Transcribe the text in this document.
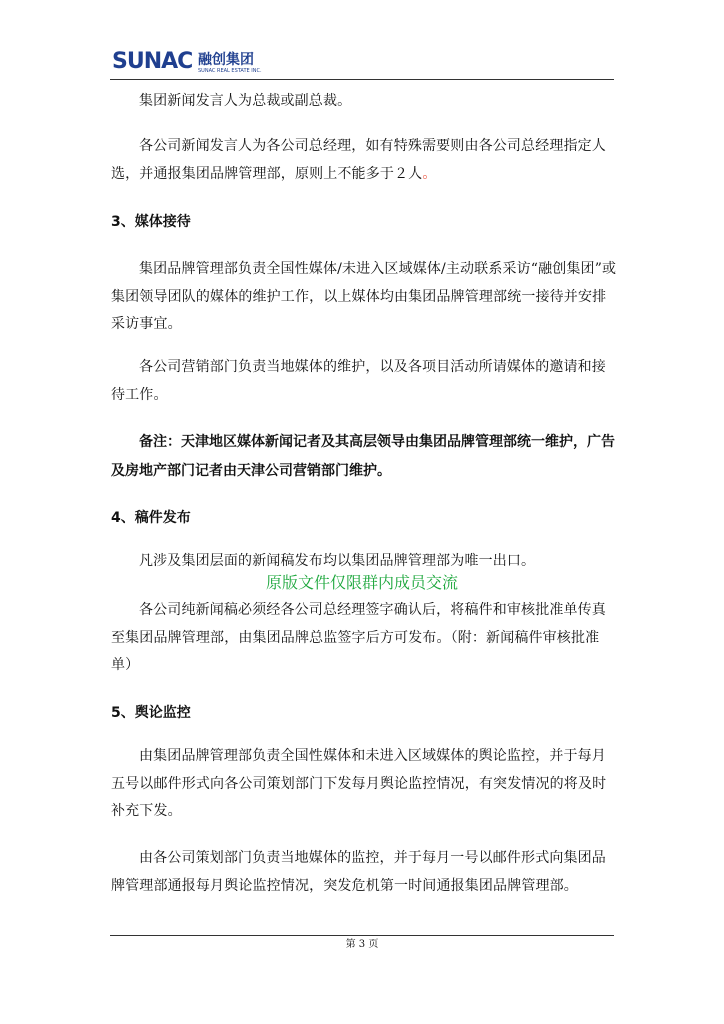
SUNAC 融创集团
SUNAC REAL ESTATE INC.
集团新闻发言人为总裁或副总裁。
各公司新闻发言人为各公司总经理，如有特殊需要则由各公司总经理指定人选，并通报集团品牌管理部，原则上不能多于２人。
3、媒体接待
集团品牌管理部负责全国性媒体/未进入区域媒体/主动联系采访“融创集团”或集团领导团队的媒体的维护工作，以上媒体均由集团品牌管理部统一接待并安排采访事宜。
各公司营销部门负责当地媒体的维护，以及各项目活动所请媒体的邀请和接待工作。
备注：天津地区媒体新闻记者及其高层领导由集团品牌管理部统一维护，广告及房地产部门记者由天津公司营销部门维护。
4、稿件发布
凡涉及集团层面的新闻稿发布均以集团品牌管理部为唯一出口。
原版文件仅限群内成员交流
各公司纯新闻稿必须经各公司总经理签字确认后，将稿件和审核批准单传真至集团品牌管理部，由集团品牌总监签字后方可发布。（附：新闻稿件审核批准单）
5、舆论监控
由集团品牌管理部负责全国性媒体和未进入区域媒体的舆论监控，并于每月五号以邮件形式向各公司策划部门下发每月舆论监控情况，有突发情况的将及时补充下发。
由各公司策划部门负责当地媒体的监控，并于每月一号以邮件形式向集团品牌管理部通报每月舆论监控情况，突发危机第一时间通报集团品牌管理部。
第 3 页
